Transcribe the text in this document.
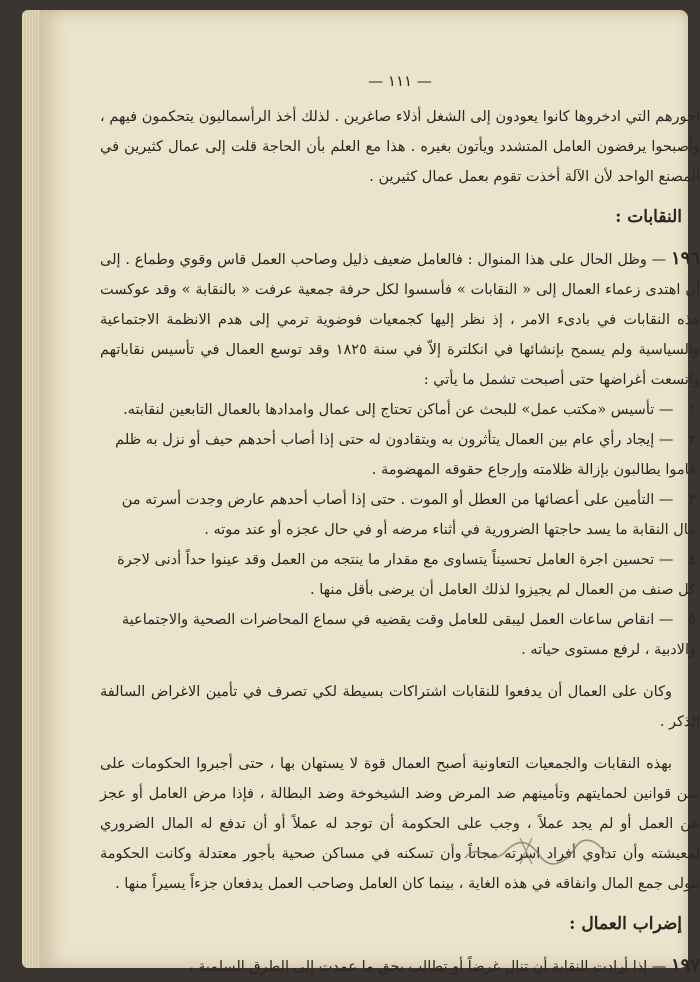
— ١١١ —

اجورهم التي ادخروها كانوا يعودون إلى الشغل أذلاء صاغرين . لذلك أخذ الرأسماليون يتحكمون فيهم ، وأصبحوا يرفضون العامل المتشدد ويأتون بغيره . هذا مع العلم بأن الحاجة قلت إلى عمال كثيرين في المصنع الواحد لأن الآلة أخذت تقوم بعمل عمال كثيرين .

النقابات :

١٩٦ — وظل الحال على هذا المنوال : فالعامل ضعيف ذليل وصاحب العمل قاس وقوي وطماع . إلى أن اهتدى زعماء العمال إلى « النقابات » فأسسوا لكل حرفة جمعية عرفت « بالنقابة » وقد عوكست هذه النقابات في بادىء الامر ، إذ نظر إليها كجمعيات فوضوية ترمي إلى هدم الانظمة الاجتماعية والسياسية ولم يسمح بإنشائها في انكلترة إلاّ في سنة ١٨٢٥ وقد توسع العمال في تأسيس نقاباتهم واتسعت أغراضها حتى أصبحت تشمل ما يأتي :

١ — تأسيس «مكتب عمل» للبحث عن أماكن تحتاج إلى عمال وامدادها بالعمال التابعين لنقابته.

٢ — إيجاد رأي عام بين العمال يتأثرون به ويتقادون له حتى إذا أصاب أحدهم حيف أو نزل به ظلم قاموا يطالبون بإزالة ظلامته وإرجاع حقوقه المهضومة .

٣ — التأمين على أعضائها من العطل أو الموت . حتى إذا أصاب أحدهم عارض وجدت أسرته من مال النقابة ما يسد حاجتها الضرورية في أثناء مرضه أو في حال عجزه أو عند موته .

٤ — تحسين اجرة العامل تحسيناً يتساوى مع مقدار ما ينتجه من العمل وقد عينوا حداً أدنى لاجرة كل صنف من العمال لم يجيزوا لذلك العامل أن يرضى بأقل منها .

٥ — انقاص ساعات العمل ليبقى للعامل وقت يقضيه في سماع المحاضرات الصحية والاجتماعية والادبية ، لرفع مستوى حياته .

وكان على العمال أن يدفعوا للنقابات اشتراكات بسيطة لكي تصرف في تأمين الاغراض السالفة الذكر .

بهذه النقابات والجمعيات التعاونية أصبح العمال قوة لا يستهان بها ، حتى أجبروا الحكومات على سن قوانين لحمايتهم وتأمينهم ضد المرض وضد الشيخوخة وضد البطالة ، فإذا مرض العامل أو عجز عن العمل أو لم يجد عملاً ، وجب على الحكومة أن توجد له عملاً أو أن تدفع له المال الضروري لمعيشته وأن تداوي أفراد اسرته مجاناً وأن تسكنه في مساكن صحية بأجور معتدلة وكانت الحكومة تتولى جمع المال وانفاقه في هذه الغاية ، بينما كان العامل وصاحب العمل يدفعان جزءاً يسيراً منها .

إضراب العمال :

١٩٧ — إذا أرادت النقابة أن تنال غرضاً أو تطالب بحق ما عمدت إلى الطرق السلمية ،
